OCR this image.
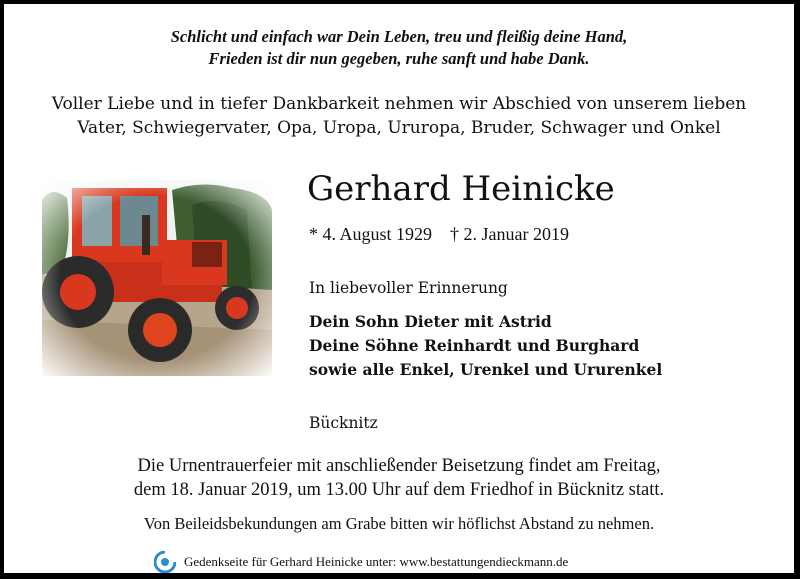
Schlicht und einfach war Dein Leben, treu und fleißig deine Hand,
Frieden ist dir nun gegeben, ruhe sanft und habe Dank.
Voller Liebe und in tiefer Dankbarkeit nehmen wir Abschied von unserem lieben
Vater, Schwiegervater, Opa, Uropa, Ururopa, Bruder, Schwager und Onkel
Gerhard Heinicke
* 4. August 1929    † 2. Januar 2019
In liebevoller Erinnerung
Dein Sohn Dieter mit Astrid
Deine Söhne Reinhardt und Burghard
sowie alle Enkel, Urenkel und Ururenkel
Bücknitz
Die Urnentrauerfeier mit anschließender Beisetzung findet am Freitag,
dem 18. Januar 2019, um 13.00 Uhr auf dem Friedhof in Bücknitz statt.
Von Beileidsbekundungen am Grabe bitten wir höflichst Abstand zu nehmen.
Gedenkseite für Gerhard Heinicke unter: www.bestattungendieckmann.de
